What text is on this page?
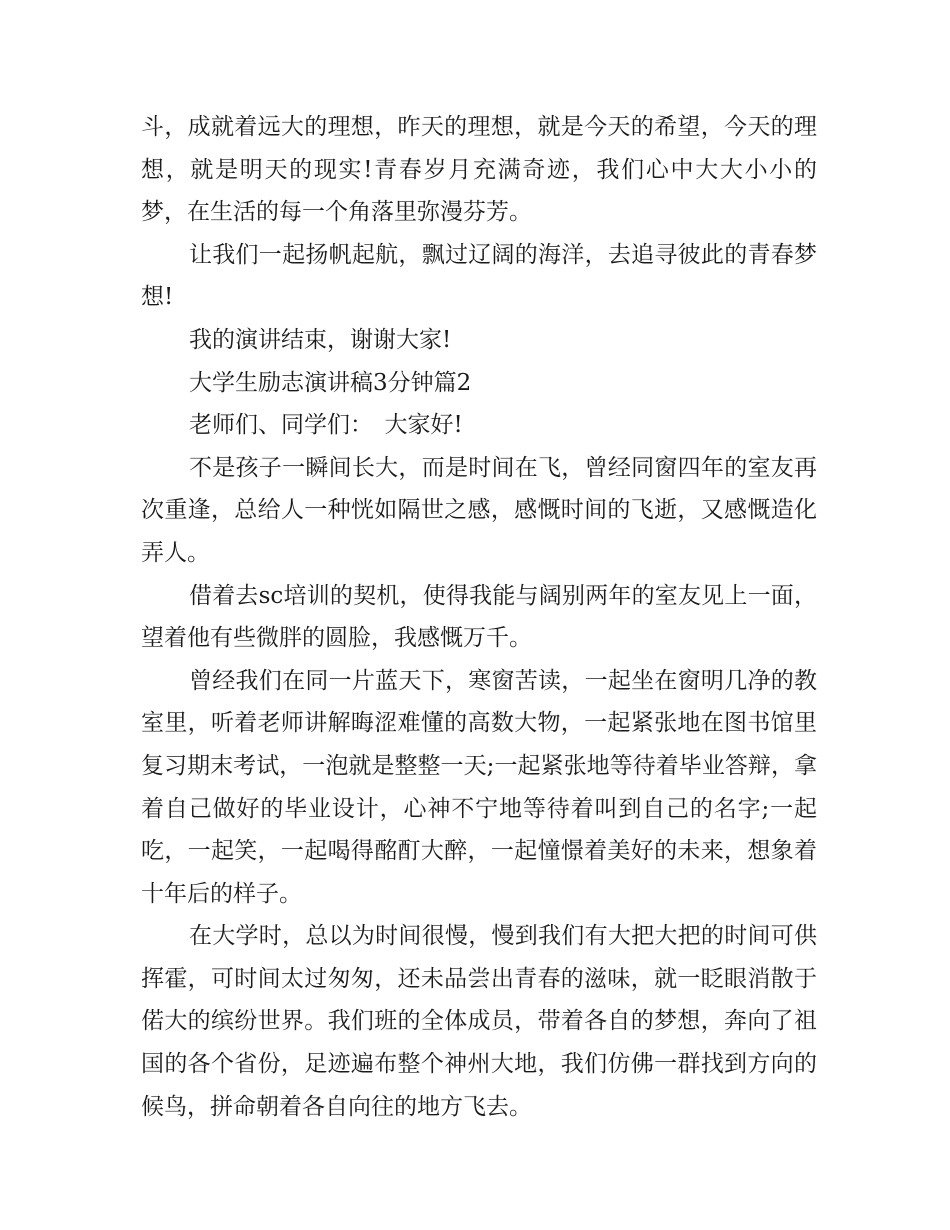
斗，成就着远大的理想，昨天的理想，就是今天的希望，今天的理想，就是明天的现实!青春岁月充满奇迹，我们心中大大小小的梦，在生活的每一个角落里弥漫芬芳。

让我们一起扬帆起航，飘过辽阔的海洋，去追寻彼此的青春梦想!

我的演讲结束，谢谢大家!

大学生励志演讲稿3分钟篇2

老师们、同学们：　大家好!

不是孩子一瞬间长大，而是时间在飞，曾经同窗四年的室友再次重逢，总给人一种恍如隔世之感，感慨时间的飞逝，又感慨造化弄人。

借着去sc培训的契机，使得我能与阔别两年的室友见上一面，望着他有些微胖的圆脸，我感慨万千。

曾经我们在同一片蓝天下，寒窗苦读，一起坐在窗明几净的教室里，听着老师讲解晦涩难懂的高数大物，一起紧张地在图书馆里复习期末考试，一泡就是整整一天;一起紧张地等待着毕业答辩，拿着自己做好的毕业设计，心神不宁地等待着叫到自己的名字;一起吃，一起笑，一起喝得酩酊大醉，一起憧憬着美好的未来，想象着十年后的样子。

在大学时，总以为时间很慢，慢到我们有大把大把的时间可供挥霍，可时间太过匆匆，还未品尝出青春的滋味，就一眨眼消散于偌大的缤纷世界。我们班的全体成员，带着各自的梦想，奔向了祖国的各个省份，足迹遍布整个神州大地，我们仿佛一群找到方向的候鸟，拼命朝着各自向往的地方飞去。
